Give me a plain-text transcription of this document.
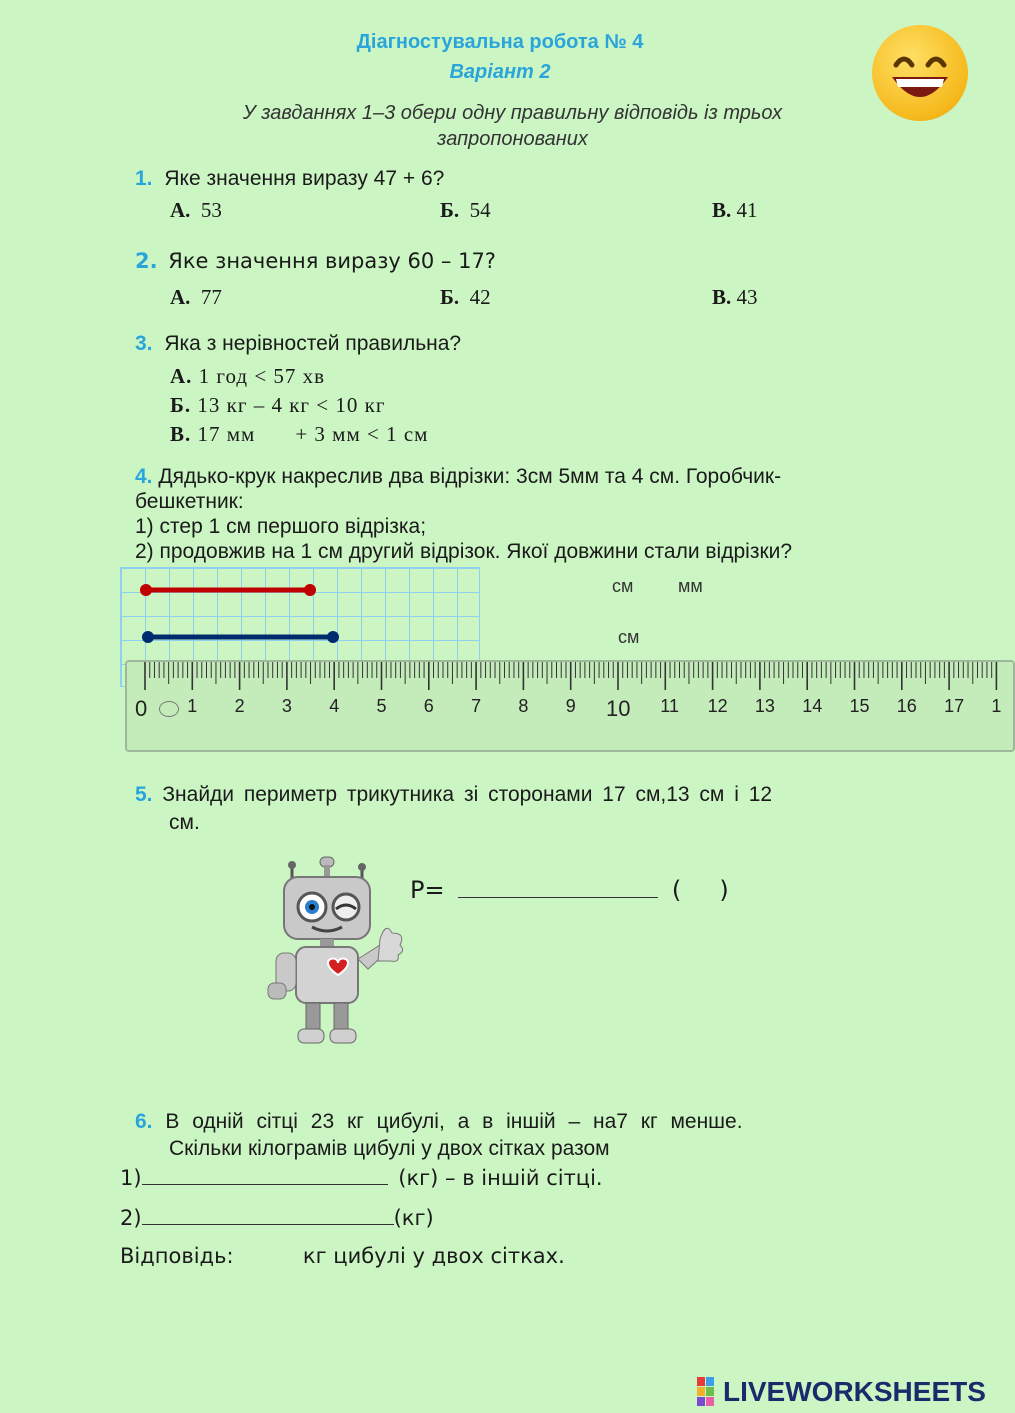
Діагностувальна робота № 4
Варіант 2
У завданнях 1–3 обери одну правильну відповідь із трьох запропонованих
1. Яке значення виразу 47 + 6?
А. 53	Б. 54	В. 41
2. Яке значення виразу 60 – 17?
А. 77	Б. 42	В. 43
3. Яка з нерівностей правильна?
А. 1 год < 57 хв
Б. 13 кг – 4 кг < 10 кг
В. 17 мм + 3 мм < 1 см
4. Дядько-крук накреслив два відрізки: 3см 5мм та 4 см. Горобчик-
бешкетник:
1) стер 1 см першого відрізка;
2) продовжив на 1 см другий відрізок. Якої довжини стали відрізки?
см мм
см
0 1 2 3 4 5 6 7 8 9 10 11 12 13 14 15 16 17 1
5. Знайди периметр трикутника зі сторонами 17 см,13 см і 12
см.
P=	(     )
6. В одній сітці 23 кг цибулі, а в іншій – на7 кг менше.
Скільки кілограмів цибулі у двох сітках разом
1)	(кг) – в іншій сітці.
2)	(кг)
Відповідь:	кг цибулі у двох сітках.
LIVEWORKSHEETS
